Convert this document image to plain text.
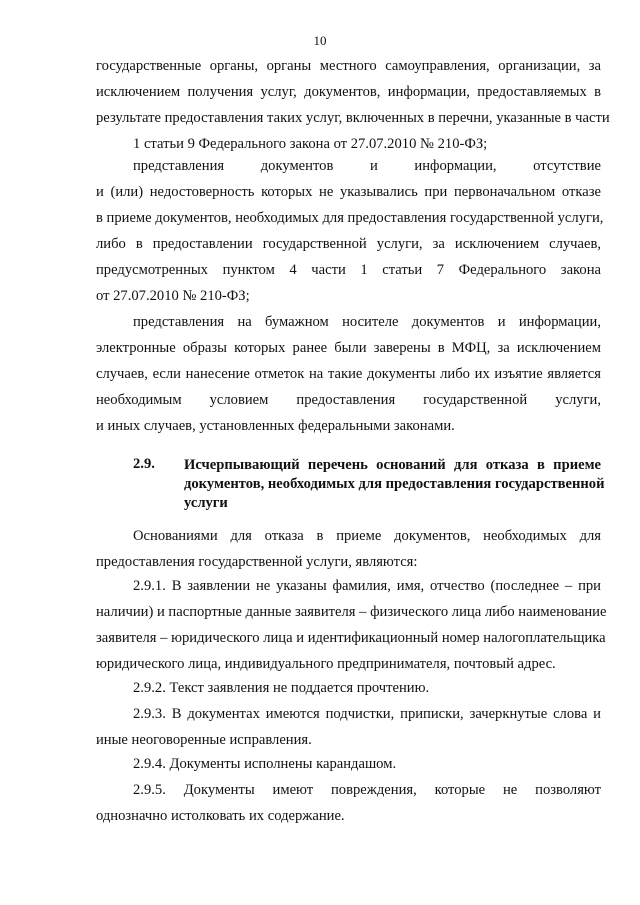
10
государственные органы, органы местного самоуправления, организации, за
исключением получения услуг, документов, информации, предоставляемых в
результате предоставления таких услуг, включенных в перечни, указанные в части
1 статьи 9 Федерального закона от 27.07.2010 № 210-ФЗ;
представления документов и информации, отсутствие
и (или) недостоверность которых не указывались при первоначальном отказе
в приеме документов, необходимых для предоставления государственной услуги,
либо в предоставлении государственной услуги, за исключением случаев,
предусмотренных пунктом 4 части 1 статьи 7 Федерального закона
от 27.07.2010 № 210-ФЗ;
представления на бумажном носителе документов и информации,
электронные образы которых ранее были заверены в МФЦ, за исключением
случаев, если нанесение отметок на такие документы либо их изъятие является
необходимым условием предоставления государственной услуги,
и иных случаев, установленных федеральными законами.
2.9. Исчерпывающий перечень оснований для отказа в приеме
документов, необходимых для предоставления государственной
услуги
Основаниями для отказа в приеме документов, необходимых для
предоставления государственной услуги, являются:
2.9.1. В заявлении не указаны фамилия, имя, отчество (последнее – при
наличии) и паспортные данные заявителя – физического лица либо наименование
заявителя – юридического лица и идентификационный номер налогоплательщика
юридического лица, индивидуального предпринимателя, почтовый адрес.
2.9.2. Текст заявления не поддается прочтению.
2.9.3. В документах имеются подчистки, приписки, зачеркнутые слова и
иные неоговоренные исправления.
2.9.4. Документы исполнены карандашом.
2.9.5. Документы имеют повреждения, которые не позволяют
однозначно истолковать их содержание.
